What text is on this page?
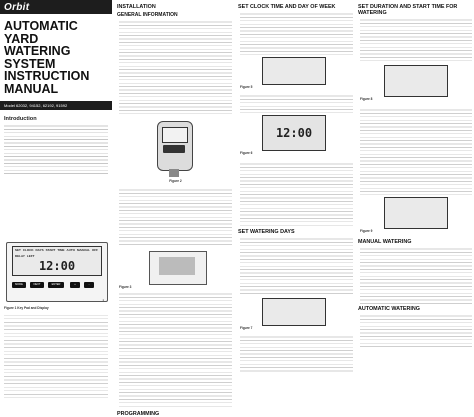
Orbit
AUTOMATIC YARD
WATERING SYSTEM
INSTRUCTION
MANUAL
Model 62032, 94152, 62192, 91592
Introduction
SET CLOCK DAYS START TIME AUTO MANUAL OFF
DELAY LEFT
12:00
MODE	NEXT	ENTER	+	-
1
Figure 1 Key Pad and Display
INSTALLATION
GENERAL INFORMATION
Figure 2
Figure 3
PROGRAMMING
SET CLOCK TIME AND DAY OF WEEK
Figure 5
12:00
Figure 6
SET WATERING DAYS
Figure 7
SET DURATION AND START TIME FOR WATERING
Figure 8
Figure 9
MANUAL WATERING
AUTOMATIC WATERING
